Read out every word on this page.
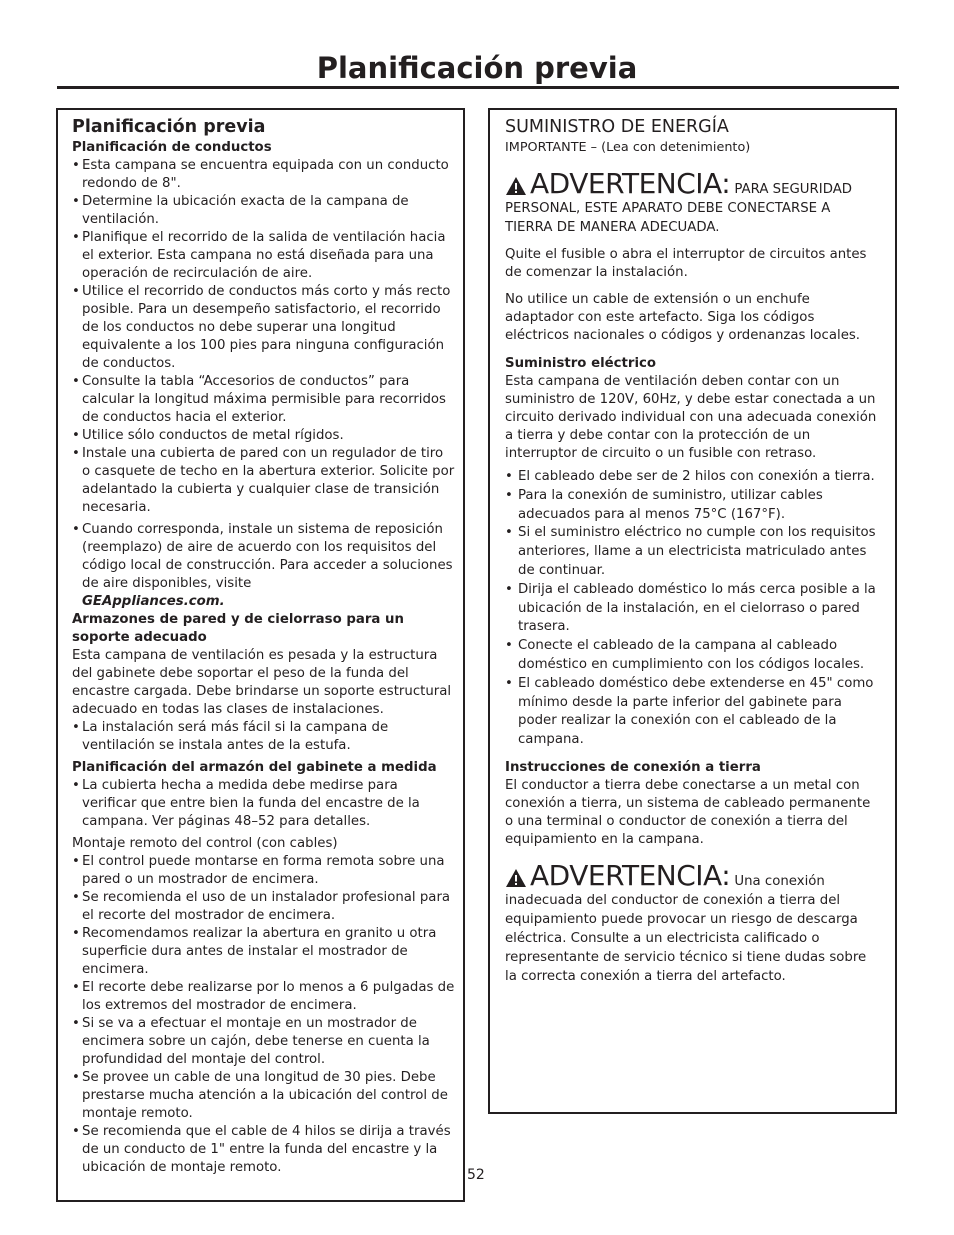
Planificación previa
Planificación previa
Planificación de conductos
• Esta campana se encuentra equipada con un conducto redondo de 8".
• Determine la ubicación exacta de la campana de ventilación.
• Planifique el recorrido de la salida de ventilación hacia el exterior. Esta campana no está diseñada para una operación de recirculación de aire.
• Utilice el recorrido de conductos más corto y más recto posible. Para un desempeño satisfactorio, el recorrido de los conductos no debe superar una longitud equivalente a los 100 pies para ninguna configuración de conductos.
• Consulte la tabla “Accesorios de conductos” para calcular la longitud máxima permisible para recorridos de conductos hacia el exterior.
• Utilice sólo conductos de metal rígidos.
• Instale una cubierta de pared con un regulador de tiro o casquete de techo en la abertura exterior. Solicite por adelantado la cubierta y cualquier clase de transición necesaria.
• Cuando corresponda, instale un sistema de reposición (reemplazo) de aire de acuerdo con los requisitos del código local de construcción. Para acceder a soluciones de aire disponibles, visite
GEAppliances.com.
Armazones de pared y de cielorraso para un soporte adecuado

Esta campana de ventilación es pesada y la estructura del gabinete debe soportar el peso de la funda del encastre cargada. Debe brindarse un soporte estructural adecuado en todas las clases de instalaciones.

• La instalación será más fácil si la campana de ventilación se instala antes de la estufa.
Planificación del armazón del gabinete a medida
• La cubierta hecha a medida debe medirse para verificar que entre bien la funda del encastre de la campana. Ver páginas 48–52 para detalles.

Montaje remoto del control (con cables)

• El control puede montarse en forma remota sobre una pared o un mostrador de encimera.
• Se recomienda el uso de un instalador profesional para el recorte del mostrador de encimera.
• Recomendamos realizar la abertura en granito u otra superficie dura antes de instalar el mostrador de encimera.
• El recorte debe realizarse por lo menos a 6 pulgadas de los extremos del mostrador de encimera.
• Si se va a efectuar el montaje en un mostrador de encimera sobre un cajón, debe tenerse en cuenta la profundidad del montaje del control.
• Se provee un cable de una longitud de 30 pies. Debe prestarse mucha atención a la ubicación del control de montaje remoto.
• Se recomienda que el cable de 4 hilos se dirija a través de un conducto de 1" entre la funda del encastre y la ubicación de montaje remoto.	52
SUMINISTRO DE ENERGÍA

IMPORTANTE – (Lea con detenimiento)

ADVERTENCIA: PARA SEGURIDAD PERSONAL, ESTE APARATO DEBE CONECTARSE A TIERRA DE MANERA ADECUADA.

Quite el fusible o abra el interruptor de circuitos antes de comenzar la instalación.

No utilice un cable de extensión o un enchufe adaptador con este artefacto. Siga los códigos eléctricos nacionales o códigos y ordenanzas locales.

Suministro eléctrico

Esta campana de ventilación deben contar con un suministro de 120V, 60Hz, y debe estar conectada a un circuito derivado individual con una adecuada conexión a tierra y debe contar con la protección de un interruptor de circuito o un fusible con retraso.

• El cableado debe ser de 2 hilos con conexión a tierra.
• Para la conexión de suministro, utilizar cables adecuados para al menos 75°C (167°F).
• Si el suministro eléctrico no cumple con los requisitos anteriores, llame a un electricista matriculado antes de continuar.
• Dirija el cableado doméstico lo más cerca posible a la ubicación de la instalación, en el cielorraso o pared trasera.
• Conecte el cableado de la campana al cableado doméstico en cumplimiento con los códigos locales.
• El cableado doméstico debe extenderse en 45" como mínimo desde la parte inferior del gabinete para poder realizar la conexión con el cableado de la campana.
Instrucciones de conexión a tierra

El conductor a tierra debe conectarse a un metal con conexión a tierra, un sistema de cableado permanente o una terminal o conductor de conexión a tierra del equipamiento en la campana.

ADVERTENCIA: Una conexión inadecuada del conductor de conexión a tierra del equipamiento puede provocar un riesgo de descarga eléctrica. Consulte a un electricista calificado o representante de servicio técnico si tiene dudas sobre la correcta conexión a tierra del artefacto.
